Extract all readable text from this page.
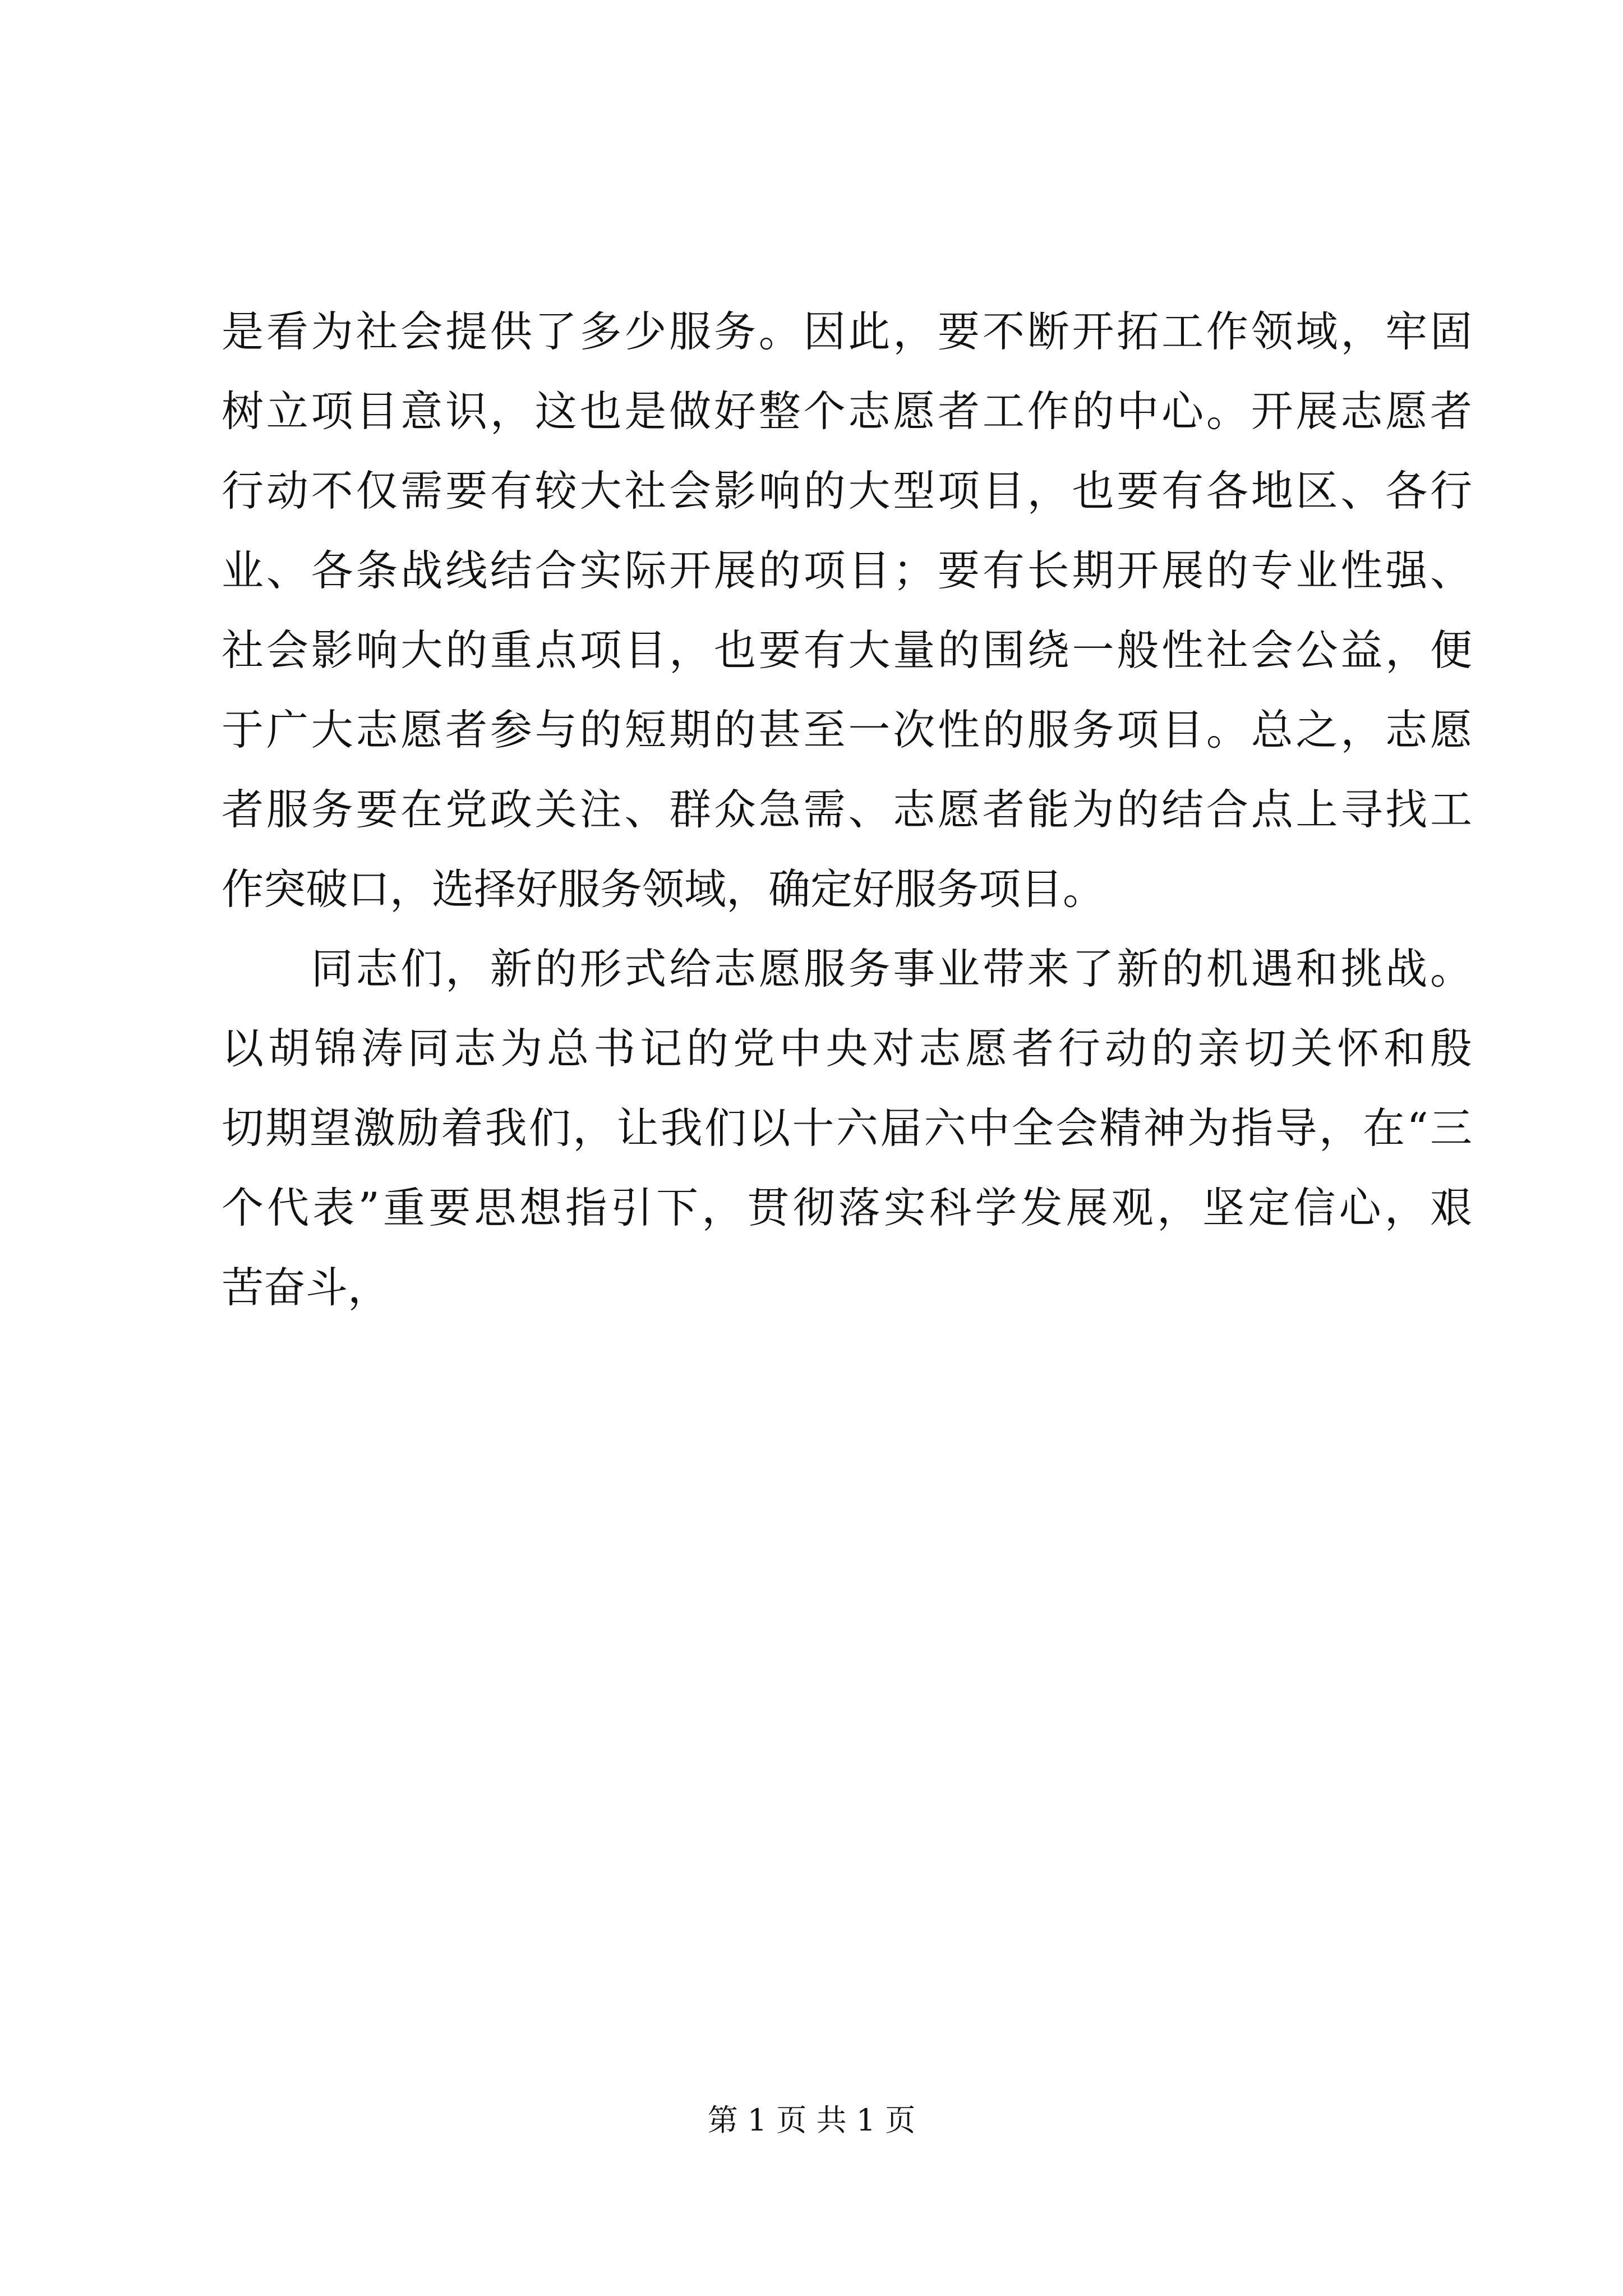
是看为社会提供了多少服务。因此，要不断开拓工作领域，牢固
树立项目意识，这也是做好整个志愿者工作的中心。开展志愿者
行动不仅需要有较大社会影响的大型项目，也要有各地区、各行
业、各条战线结合实际开展的项目；要有长期开展的专业性强、
社会影响大的重点项目，也要有大量的围绕一般性社会公益，便
于广大志愿者参与的短期的甚至一次性的服务项目。总之，志愿
者服务要在党政关注、群众急需、志愿者能为的结合点上寻找工
作突破口，选择好服务领域，确定好服务项目。
　　同志们，新的形式给志愿服务事业带来了新的机遇和挑战。
以胡锦涛同志为总书记的党中央对志愿者行动的亲切关怀和殷
切期望激励着我们，让我们以十六届六中全会精神为指导，在“三
个代表”重要思想指引下，贯彻落实科学发展观，坚定信心，艰
苦奋斗，
第 1 页 共 1 页
